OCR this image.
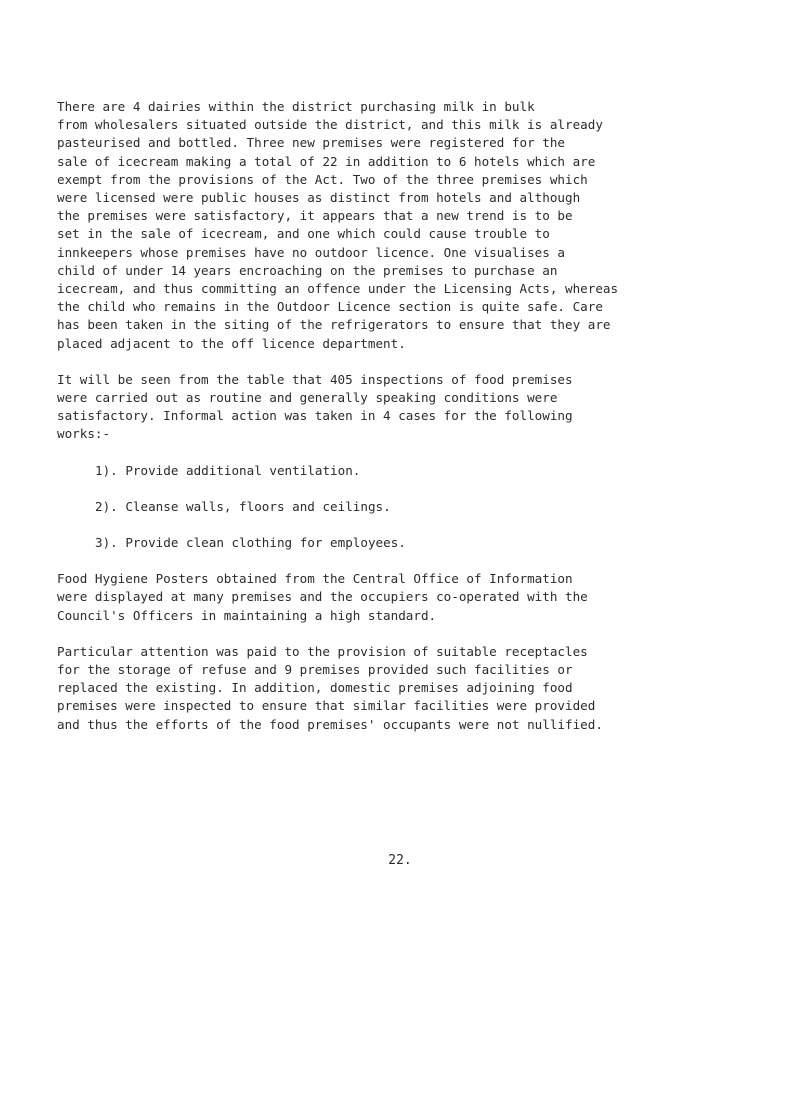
There are 4 dairies within the district purchasing milk in bulk
from wholesalers situated outside the district, and this milk is already
pasteurised and bottled. Three new premises were registered for the
sale of icecream making a total of 22 in addition to 6 hotels which are
exempt from the provisions of the Act. Two of the three premises which
were licensed were public houses as distinct from hotels and although
the premises were satisfactory, it appears that a new trend is to be
set in the sale of icecream, and one which could cause trouble to
innkeepers whose premises have no outdoor licence. One visualises a
child of under 14 years encroaching on the premises to purchase an
icecream, and thus committing an offence under the Licensing Acts, whereas
the child who remains in the Outdoor Licence section is quite safe. Care
has been taken in the siting of the refrigerators to ensure that they are
placed adjacent to the off licence department.

It will be seen from the table that 405 inspections of food premises
were carried out as routine and generally speaking conditions were
satisfactory. Informal action was taken in 4 cases for the following
works:-

1). Provide additional ventilation.
2). Cleanse walls, floors and ceilings.
3). Provide clean clothing for employees.

Food Hygiene Posters obtained from the Central Office of Information
were displayed at many premises and the occupiers co-operated with the
Council's Officers in maintaining a high standard.

Particular attention was paid to the provision of suitable receptacles
for the storage of refuse and 9 premises provided such facilities or
replaced the existing. In addition, domestic premises adjoining food
premises were inspected to ensure that similar facilities were provided
and thus the efforts of the food premises' occupants were not nullified.

22.
